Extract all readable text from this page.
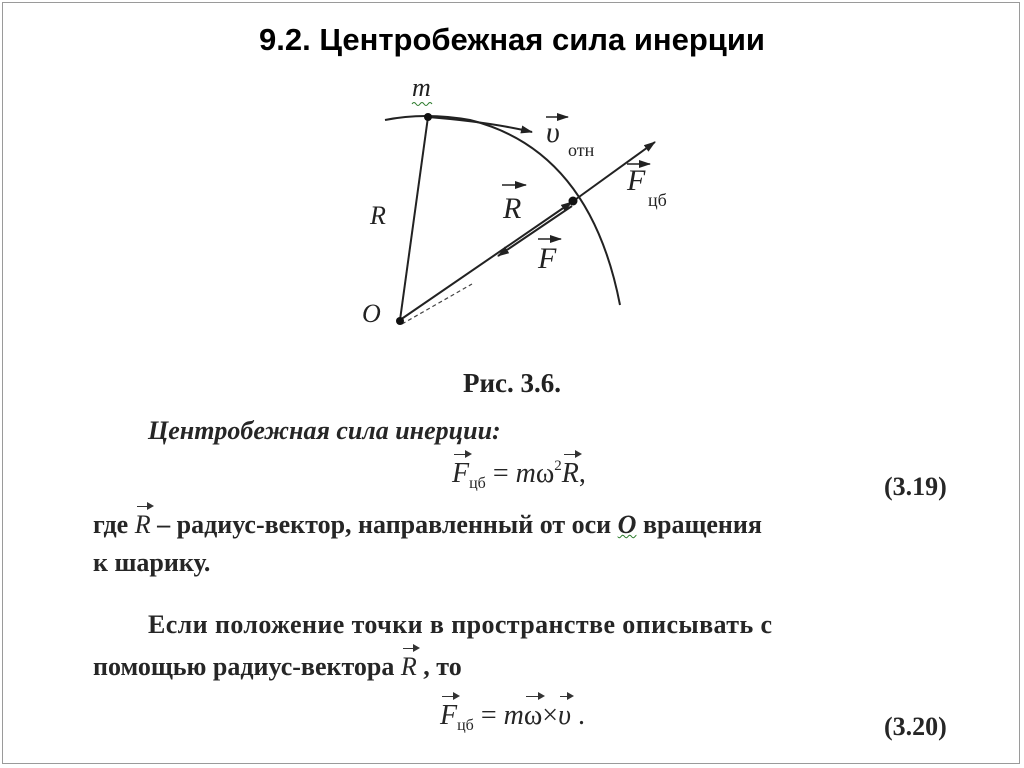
9.2. Центробежная сила инерции
m
υ
отн
R	R
F
цб
F
O
Рис. 3.6.
Центробежная сила инерции:
$F_{цб} = m\omega^2R$,	(3.19)
где R – радиус-вектор, направленный от оси O вращения
к шарику.
Если положение точки в пространстве описывать с
помощью радиус-вектора R , то
$F_{цб} = m\omega\times\upsilon$ .	(3.20)
